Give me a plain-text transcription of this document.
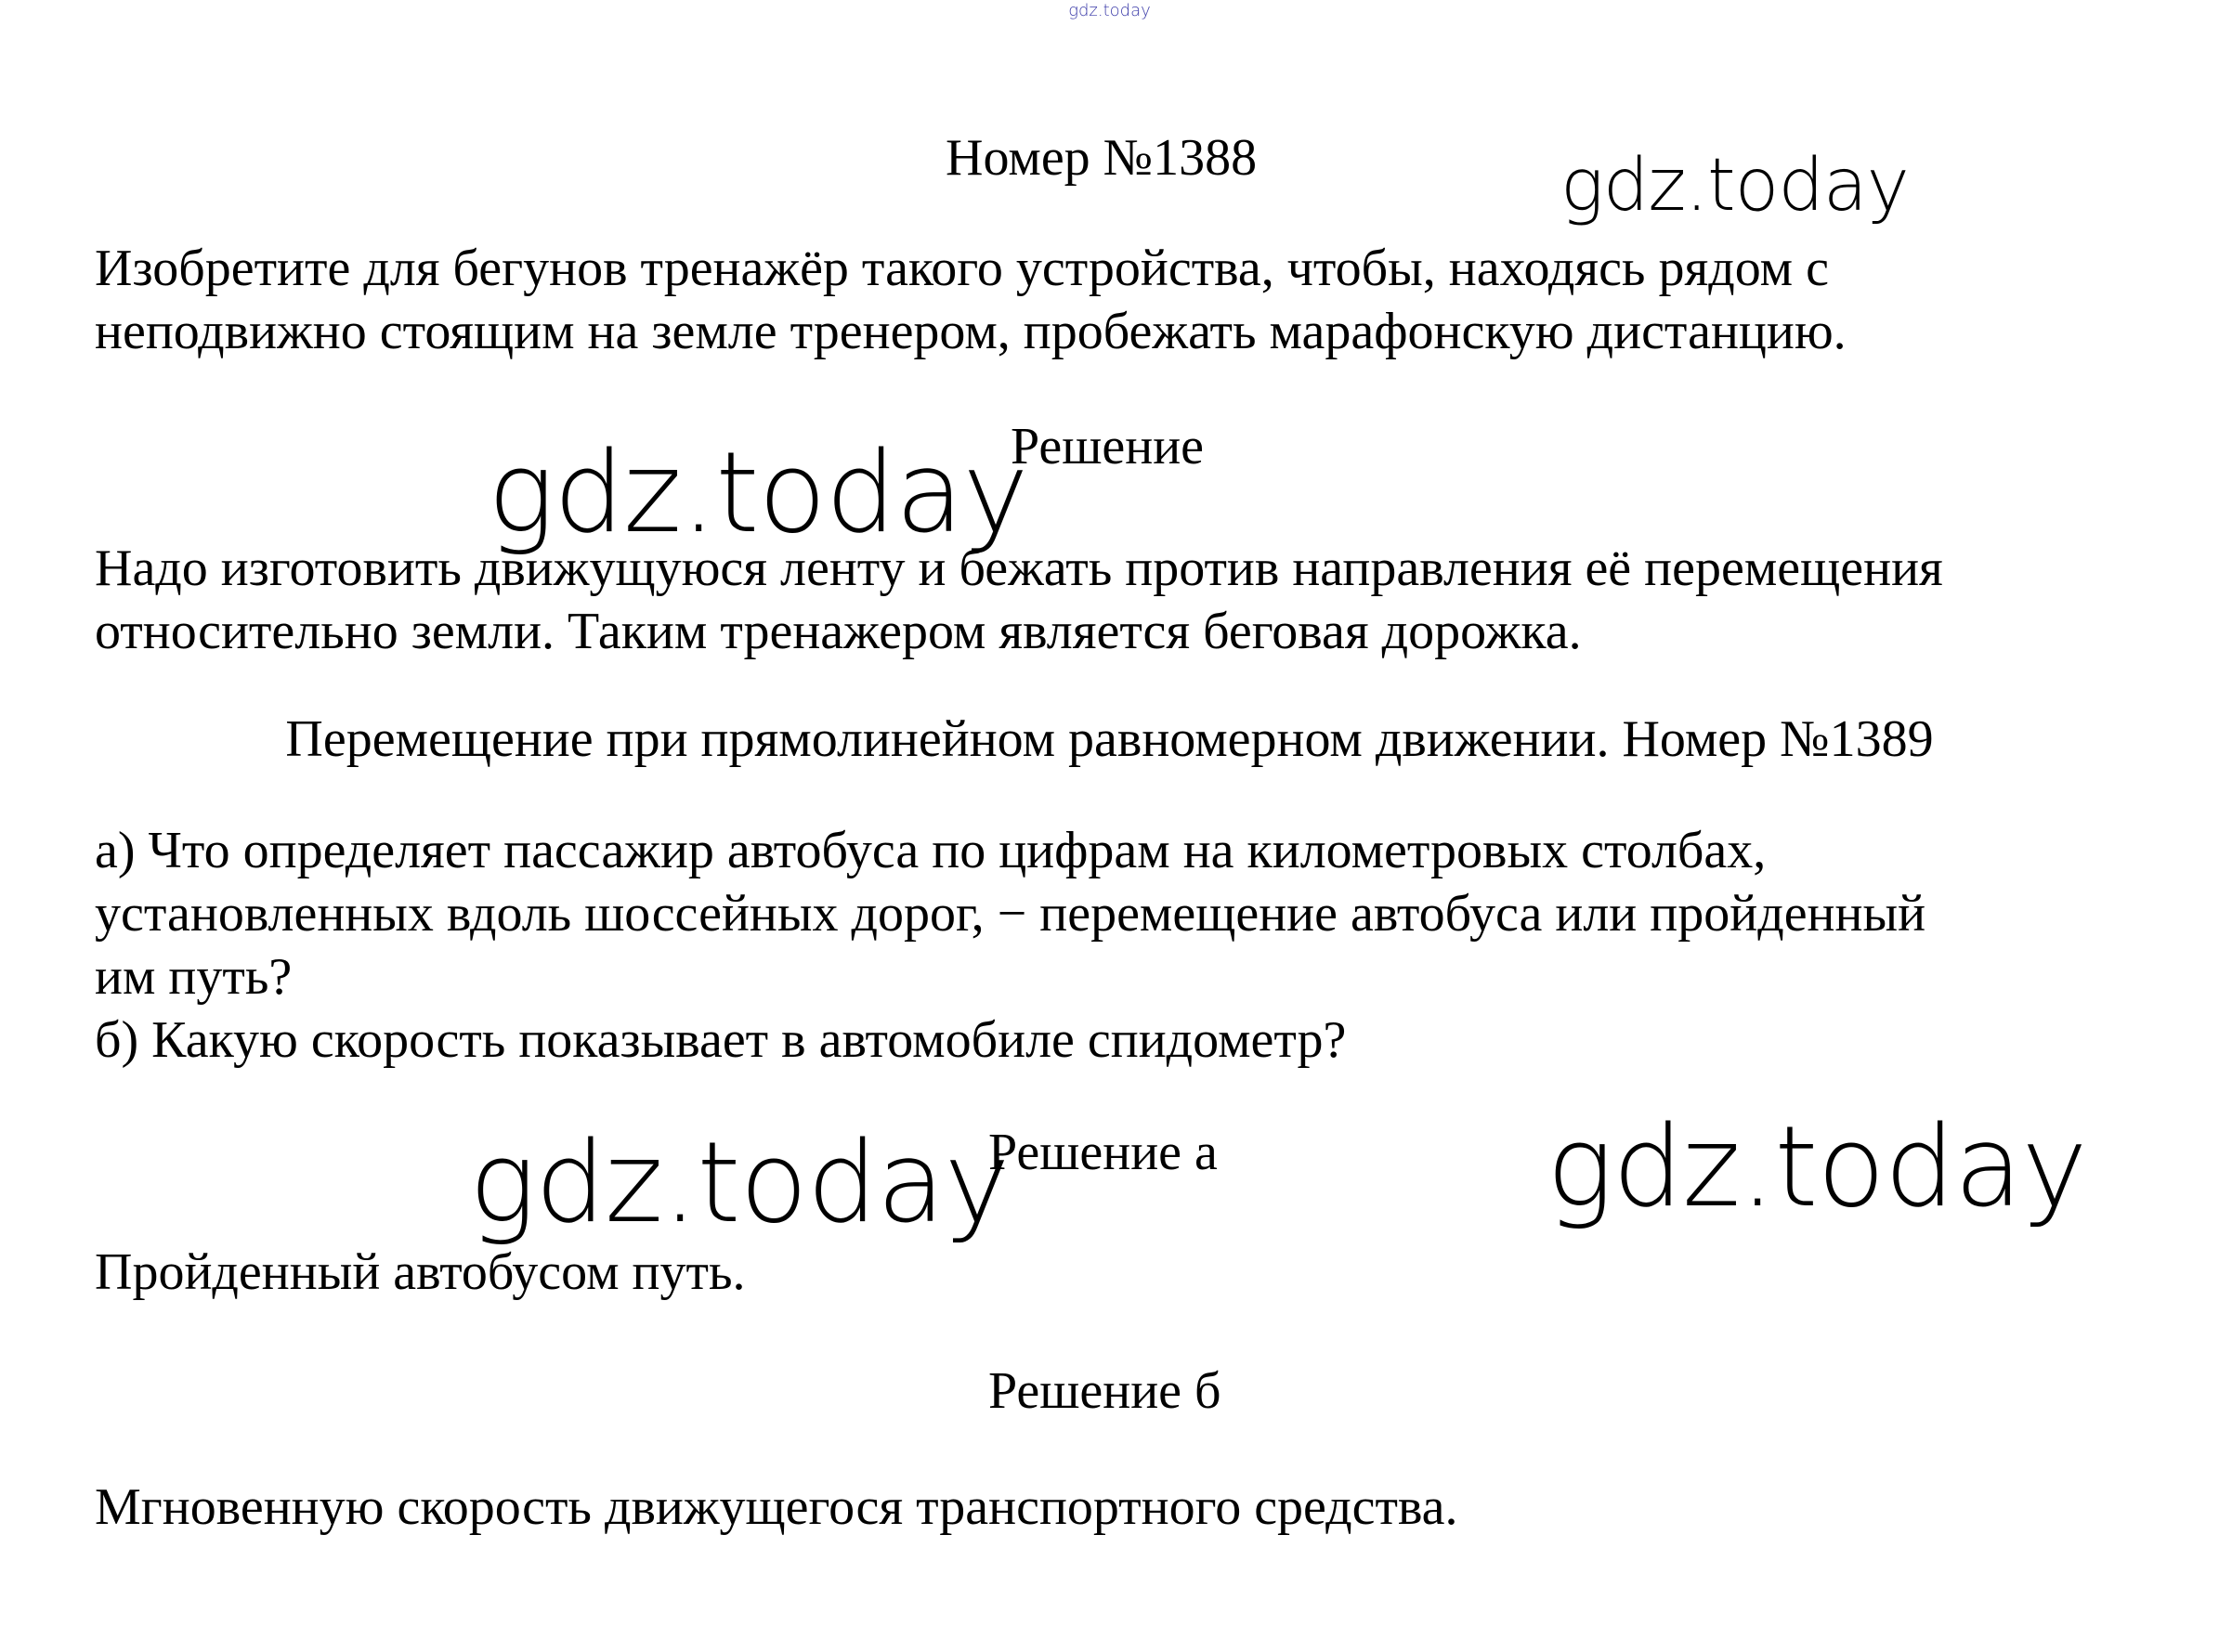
gdz.today
Номер №1388	gdz.today
Изобретите для бегунов тренажёр такого устройства, чтобы, находясь рядом с
неподвижно стоящим на земле тренером, пробежать марафонскую дистанцию.
Решение
gdz.today
Надо изготовить движущуюся ленту и бежать против направления её перемещения
относительно земли. Таким тренажером является беговая дорожка.
Перемещение при прямолинейном равномерном движении. Номер №1389
а) Что определяет пассажир автобуса по цифрам на километровых столбах,
установленных вдоль шоссейных дорог, − перемещение автобуса или пройденный
им путь?
б) Какую скорость показывает в автомобиле спидометр?
Решение а
gdz.today	gdz.today
Пройденный автобусом путь.
Решение б
Мгновенную скорость движущегося транспортного средства.
